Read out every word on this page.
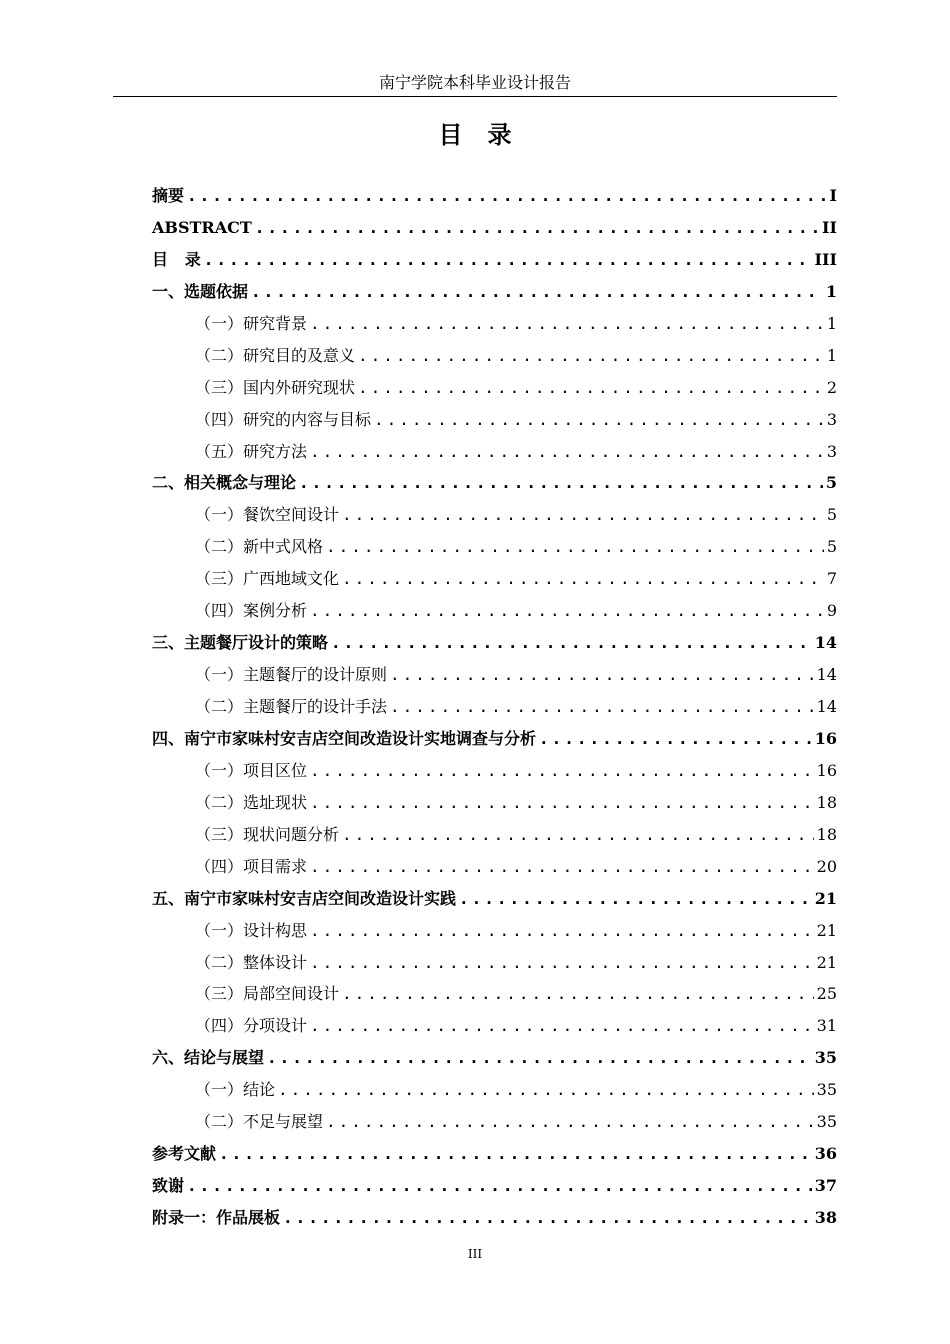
南宁学院本科毕业设计报告
目   录
摘要 .....	I
ABSTRACT .....	II
目   录 .....	III
一、选题依据 .....	1
（一）研究背景 .....	1
（二）研究目的及意义 .....	1
（三）国内外研究现状 .....	2
（四）研究的内容与目标 .....	3
（五）研究方法 .....	3
二、相关概念与理论 .....	5
（一）餐饮空间设计 .....	5
（二）新中式风格 .....	5
（三）广西地域文化 .....	7
（四）案例分析 .....	9
三、主题餐厅设计的策略 .....	14
（一）主题餐厅的设计原则 .....	14
（二）主题餐厅的设计手法 .....	14
四、南宁市家味村安吉店空间改造设计实地调查与分析 .....	16
（一）项目区位 .....	16
（二）选址现状 .....	18
（三）现状问题分析 .....	18
（四）项目需求 .....	20
五、南宁市家味村安吉店空间改造设计实践 .....	21
（一）设计构思 .....	21
（二）整体设计 .....	21
（三）局部空间设计 .....	25
（四）分项设计 .....	31
六、结论与展望 .....	35
（一）结论 .....	35
（二）不足与展望 .....	35
参考文献 .....	36
致谢 .....	37
附录一：作品展板 .....	38
III
